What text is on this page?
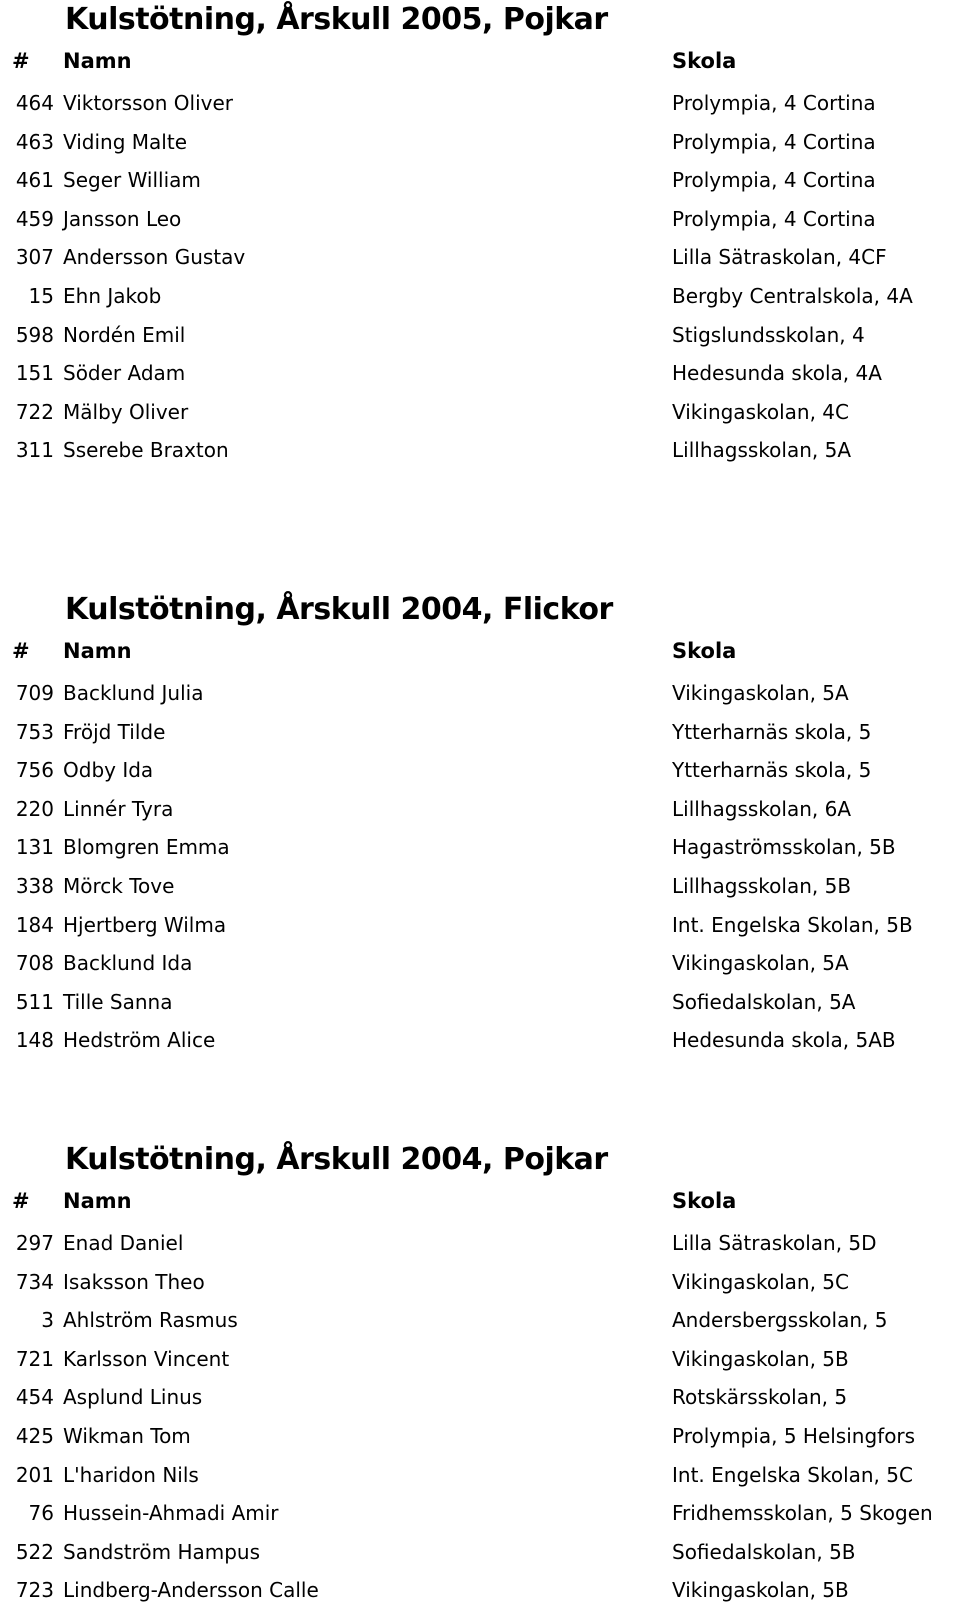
Kulstötning, Årskull 2005, Pojkar
# Namn	Skola
464 Viktorsson Oliver	Prolympia, 4 Cortina
463 Viding Malte	Prolympia, 4 Cortina
461 Seger William	Prolympia, 4 Cortina
459 Jansson Leo	Prolympia, 4 Cortina
307 Andersson Gustav	Lilla Sätraskolan, 4CF
15 Ehn Jakob	Bergby Centralskola, 4A
598 Nordén Emil	Stigslundsskolan, 4
151 Söder Adam	Hedesunda skola, 4A
722 Mälby Oliver	Vikingaskolan, 4C
311 Sserebe Braxton	Lillhagsskolan, 5A
Kulstötning, Årskull 2004, Flickor
# Namn	Skola
709 Backlund Julia	Vikingaskolan, 5A
753 Fröjd Tilde	Ytterharnäs skola, 5
756 Odby Ida	Ytterharnäs skola, 5
220 Linnér Tyra	Lillhagsskolan, 6A
131 Blomgren Emma	Hagaströmsskolan, 5B
338 Mörck Tove	Lillhagsskolan, 5B
184 Hjertberg Wilma	Int. Engelska Skolan, 5B
708 Backlund Ida	Vikingaskolan, 5A
511 Tille Sanna	Sofiedalskolan, 5A
148 Hedström Alice	Hedesunda skola, 5AB
Kulstötning, Årskull 2004, Pojkar
# Namn	Skola
297 Enad Daniel	Lilla Sätraskolan, 5D
734 Isaksson Theo	Vikingaskolan, 5C
3 Ahlström Rasmus	Andersbergsskolan, 5
721 Karlsson Vincent	Vikingaskolan, 5B
454 Asplund Linus	Rotskärsskolan, 5
425 Wikman Tom	Prolympia, 5 Helsingfors
201 L'haridon Nils	Int. Engelska Skolan, 5C
76 Hussein-Ahmadi Amir	Fridhemsskolan, 5 Skogen
522 Sandström Hampus	Sofiedalskolan, 5B
723 Lindberg-Andersson Calle	Vikingaskolan, 5B
